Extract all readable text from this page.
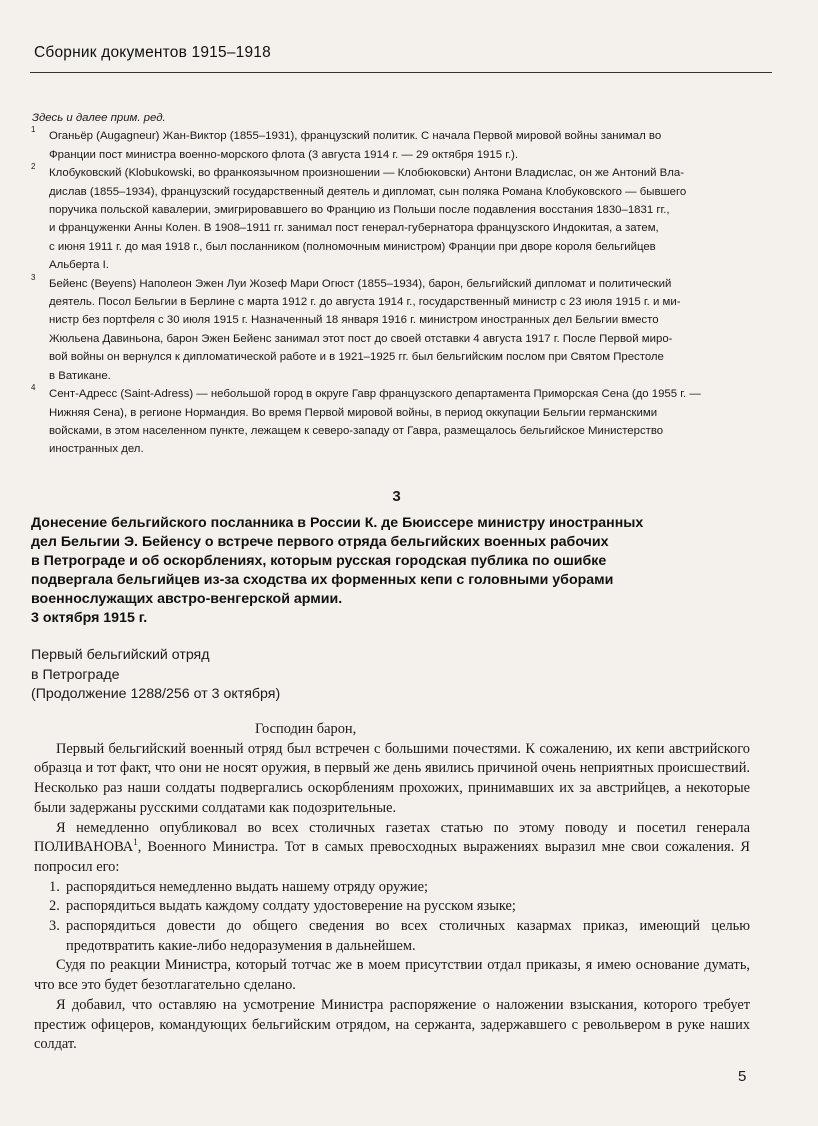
Сборник документов 1915–1918
Здесь и далее прим. ред.
1
Оганьёр (Augagneur) Жан-Виктор (1855–1931), французский политик. С начала Первой мировой войны занимал во
Франции пост министра военно-морского флота (3 августа 1914 г. — 29 октября 1915 г.).
2
Клобуковский (Klobukowski, во франкоязычном произношении — Клобюковски) Антони Владислас, он же Антоний Вла-
дислав (1855–1934), французский государственный деятель и дипломат, сын поляка Романа Клобуковского — бывшего
поручика польской кавалерии, эмигрировавшего во Францию из Польши после подавления восстания 1830–1831 гг.,
и француженки Анны Колен. В 1908–1911 гг. занимал пост генерал-губернатора французского Индокитая, а затем,
с июня 1911 г. до мая 1918 г., был посланником (полномочным министром) Франции при дворе короля бельгийцев
Альберта I.
3
Бейенс (Beyens) Наполеон Эжен Луи Жозеф Мари Огюст (1855–1934), барон, бельгийский дипломат и политический
деятель. Посол Бельгии в Берлине с марта 1912 г. до августа 1914 г., государственный министр с 23 июля 1915 г. и ми-
нистр без портфеля с 30 июля 1915 г. Назначенный 18 января 1916 г. министром иностранных дел Бельгии вместо
Жюльена Давиньона, барон Эжен Бейенс занимал этот пост до своей отставки 4 августа 1917 г. После Первой миро-
вой войны он вернулся к дипломатической работе и в 1921–1925 гг. был бельгийским послом при Святом Престоле
в Ватикане.
4
Сент-Адресс (Saint-Adress) — небольшой город в округе Гавр французского департамента Приморская Сена (до 1955 г. —
Нижняя Сена), в регионе Нормандия. Во время Первой мировой войны, в период оккупации Бельгии германскими
войсками, в этом населенном пункте, лежащем к северо-западу от Гавра, размещалось бельгийское Министерство
иностранных дел.
3
Донесение бельгийского посланника в России К. де Бюиссере министру иностранных
дел Бельгии Э. Бейенсу о встрече первого отряда бельгийских военных рабочих
в Петрограде и об оскорблениях, которым русская городская публика по ошибке
подвергала бельгийцев из-за сходства их форменных кепи с головными уборами
военнослужащих австро-венгерской армии.
3 октября 1915 г.
Первый бельгийский отряд
в Петрограде
(Продолжение 1288/256 от 3 октября)
Господин барон,
Первый бельгийский военный отряд был встречен с большими почестями. К сожалению, их кепи австрийского образца и тот факт, что они не носят оружия, в первый же день явились причиной очень неприятных происшествий. Несколько раз наши солдаты подвергались оскорблениям прохожих, принимавших их за австрийцев, а некоторые были задержаны русскими солдатами как подозрительные.
Я немедленно опубликовал во всех столичных газетах статью по этому поводу и посетил генерала ПОЛИВАНОВА$^1$, Военного Министра. Тот в самых превосходных выражениях выразил мне свои сожаления. Я попросил его:
1. распорядиться немедленно выдать нашему отряду оружие;
2. распорядиться выдать каждому солдату удостоверение на русском языке;
3. распорядиться довести до общего сведения во всех столичных казармах приказ, имеющий целью предотвратить какие-либо недоразумения в дальнейшем.
Судя по реакции Министра, который тотчас же в моем присутствии отдал приказы, я имею основание думать, что все это будет безотлагательно сделано.
Я добавил, что оставляю на усмотрение Министра распоряжение о наложении взыскания, которого требует престиж офицеров, командующих бельгийским отрядом, на сержанта, задержавшего с револьвером в руке наших солдат.
5
